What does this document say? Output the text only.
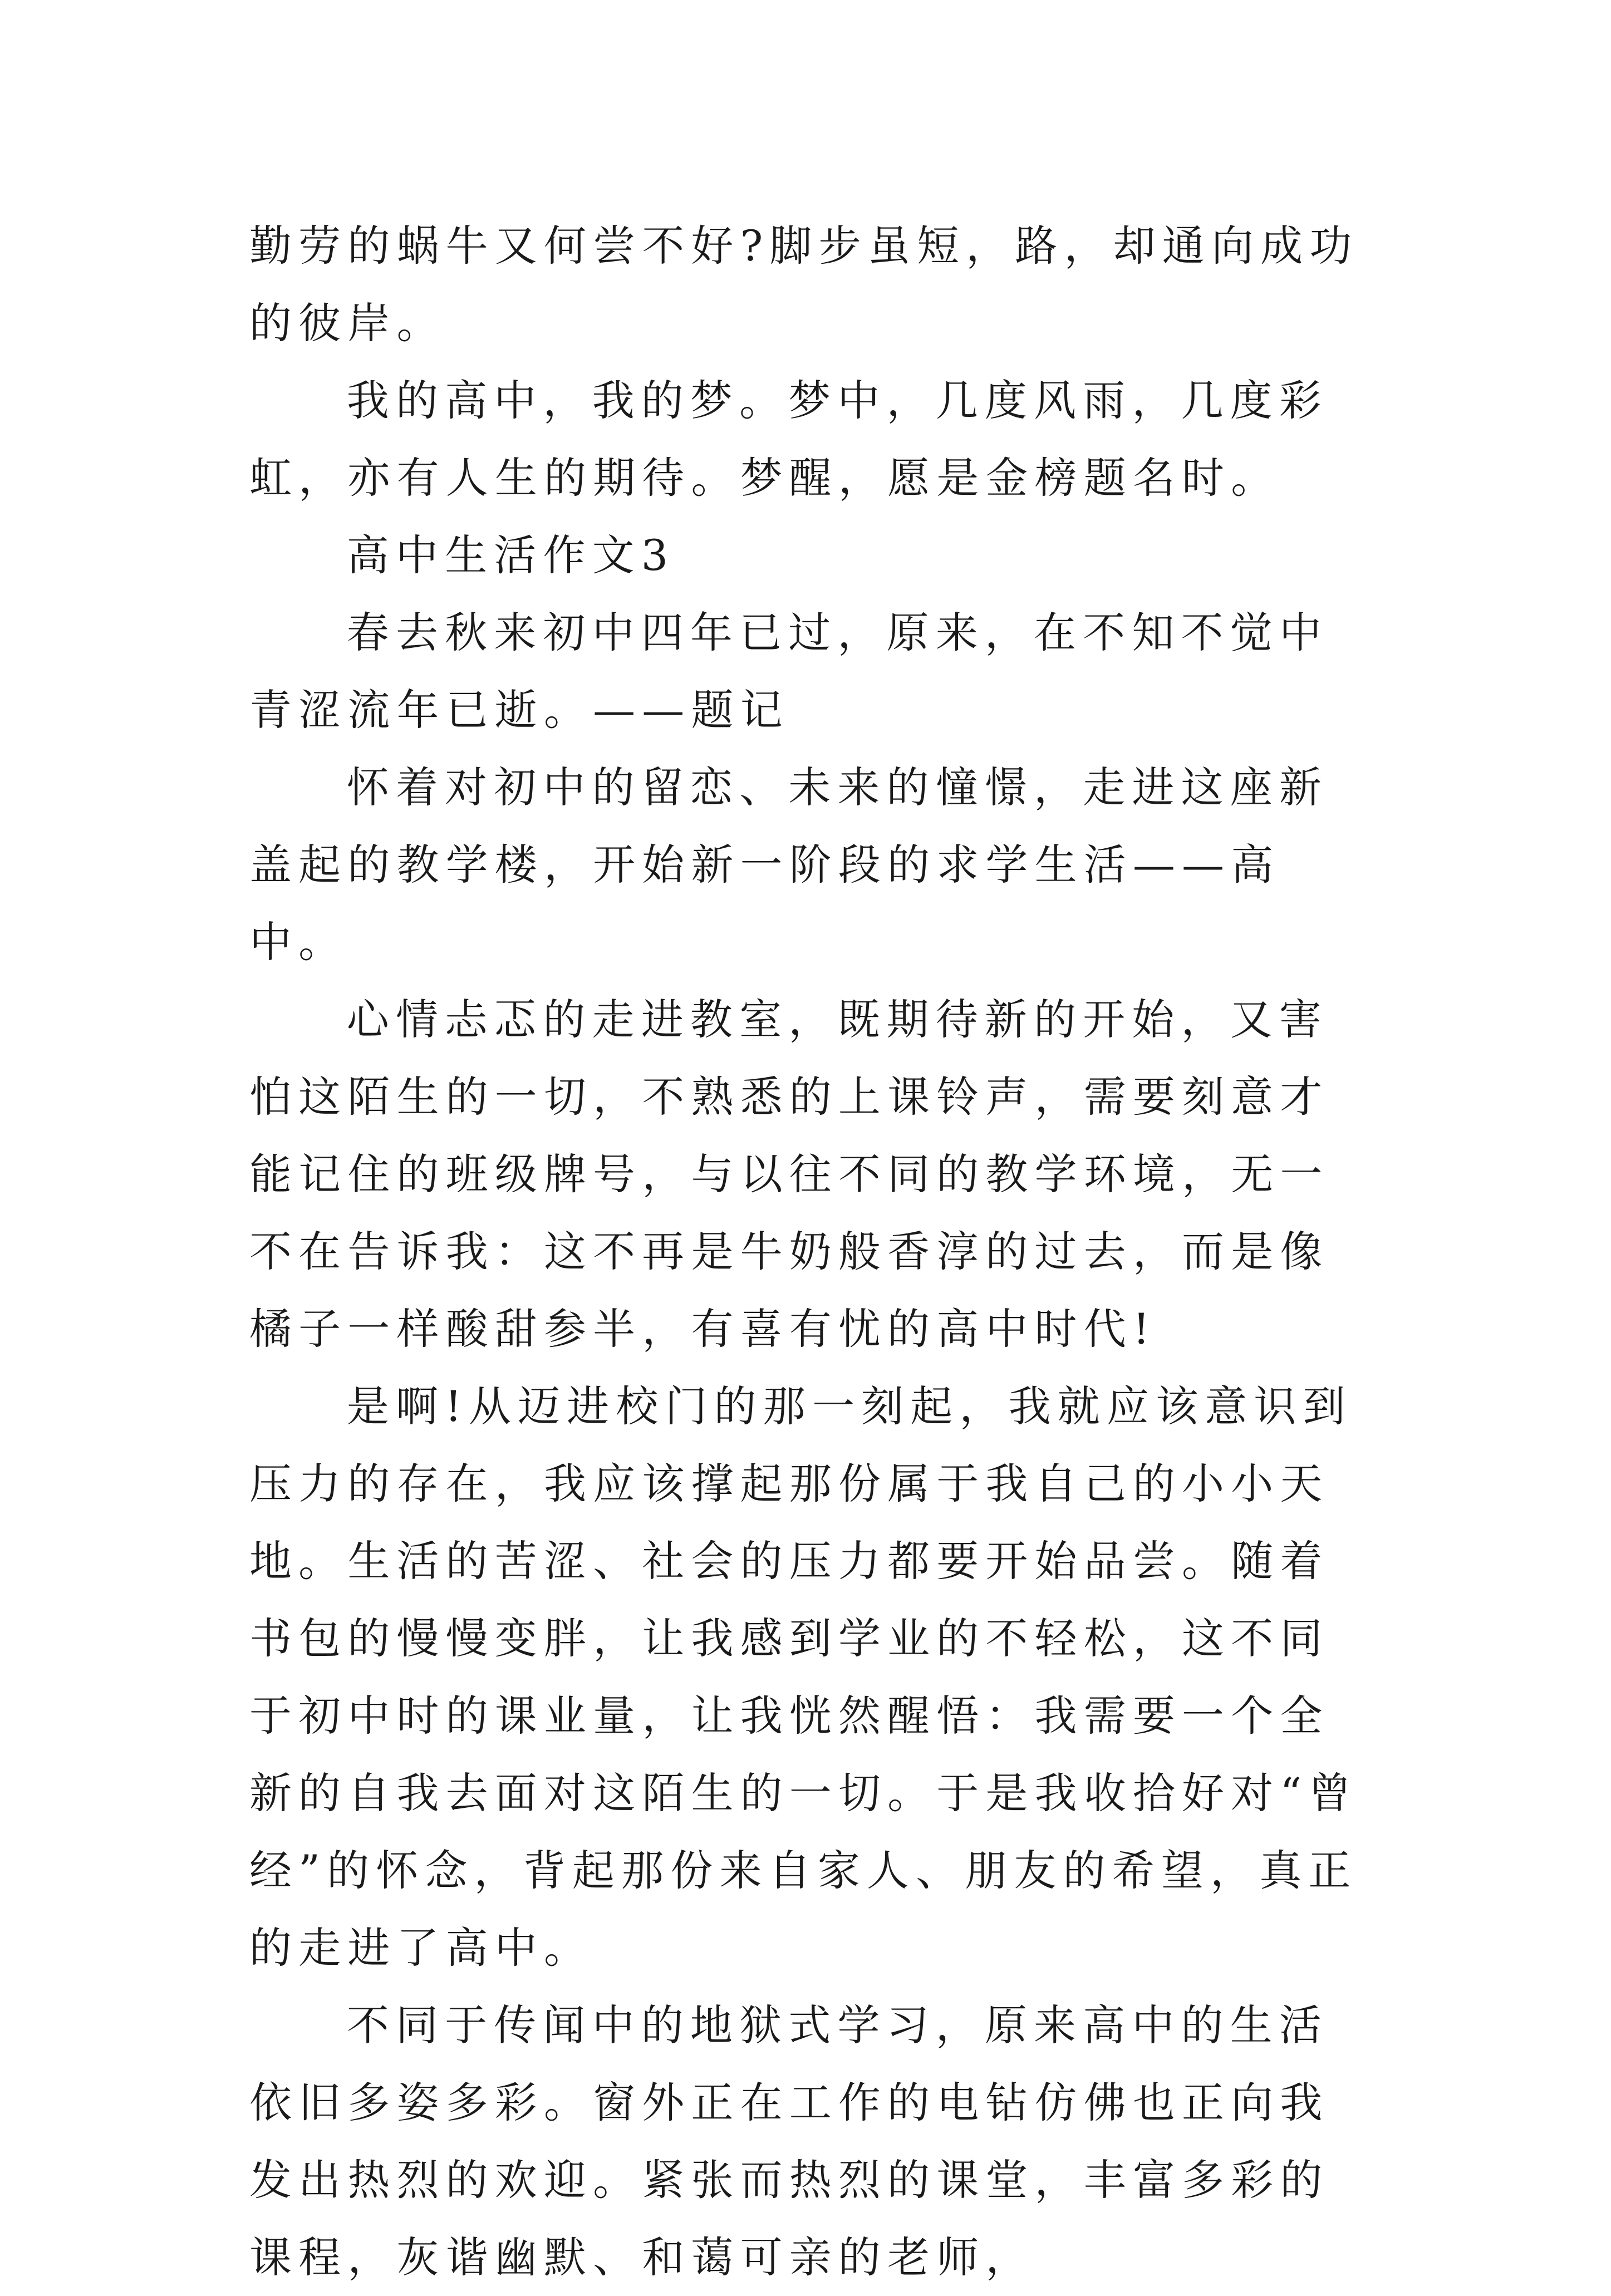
勤劳的蜗牛又何尝不好?脚步虽短，路，却通向成功的彼岸。

我的高中，我的梦。梦中，几度风雨，几度彩虹，亦有人生的期待。梦醒，愿是金榜题名时。

高中生活作文3

春去秋来初中四年已过，原来，在不知不觉中青涩流年已逝。——题记

怀着对初中的留恋、未来的憧憬，走进这座新盖起的教学楼，开始新一阶段的求学生活——高中。

心情忐忑的走进教室，既期待新的开始，又害怕这陌生的一切，不熟悉的上课铃声，需要刻意才能记住的班级牌号，与以往不同的教学环境，无一不在告诉我：这不再是牛奶般香淳的过去，而是像橘子一样酸甜参半，有喜有忧的高中时代!

是啊!从迈进校门的那一刻起，我就应该意识到压力的存在，我应该撑起那份属于我自己的小小天地。生活的苦涩、社会的压力都要开始品尝。随着书包的慢慢变胖，让我感到学业的不轻松，这不同于初中时的课业量，让我恍然醒悟：我需要一个全新的自我去面对这陌生的一切。于是我收拾好对“曾经”的怀念，背起那份来自家人、朋友的希望，真正的走进了高中。

不同于传闻中的地狱式学习，原来高中的生活依旧多姿多彩。窗外正在工作的电钻仿佛也正向我发出热烈的欢迎。紧张而热烈的课堂，丰富多彩的课程，灰谐幽默、和蔼可亲的老师，
